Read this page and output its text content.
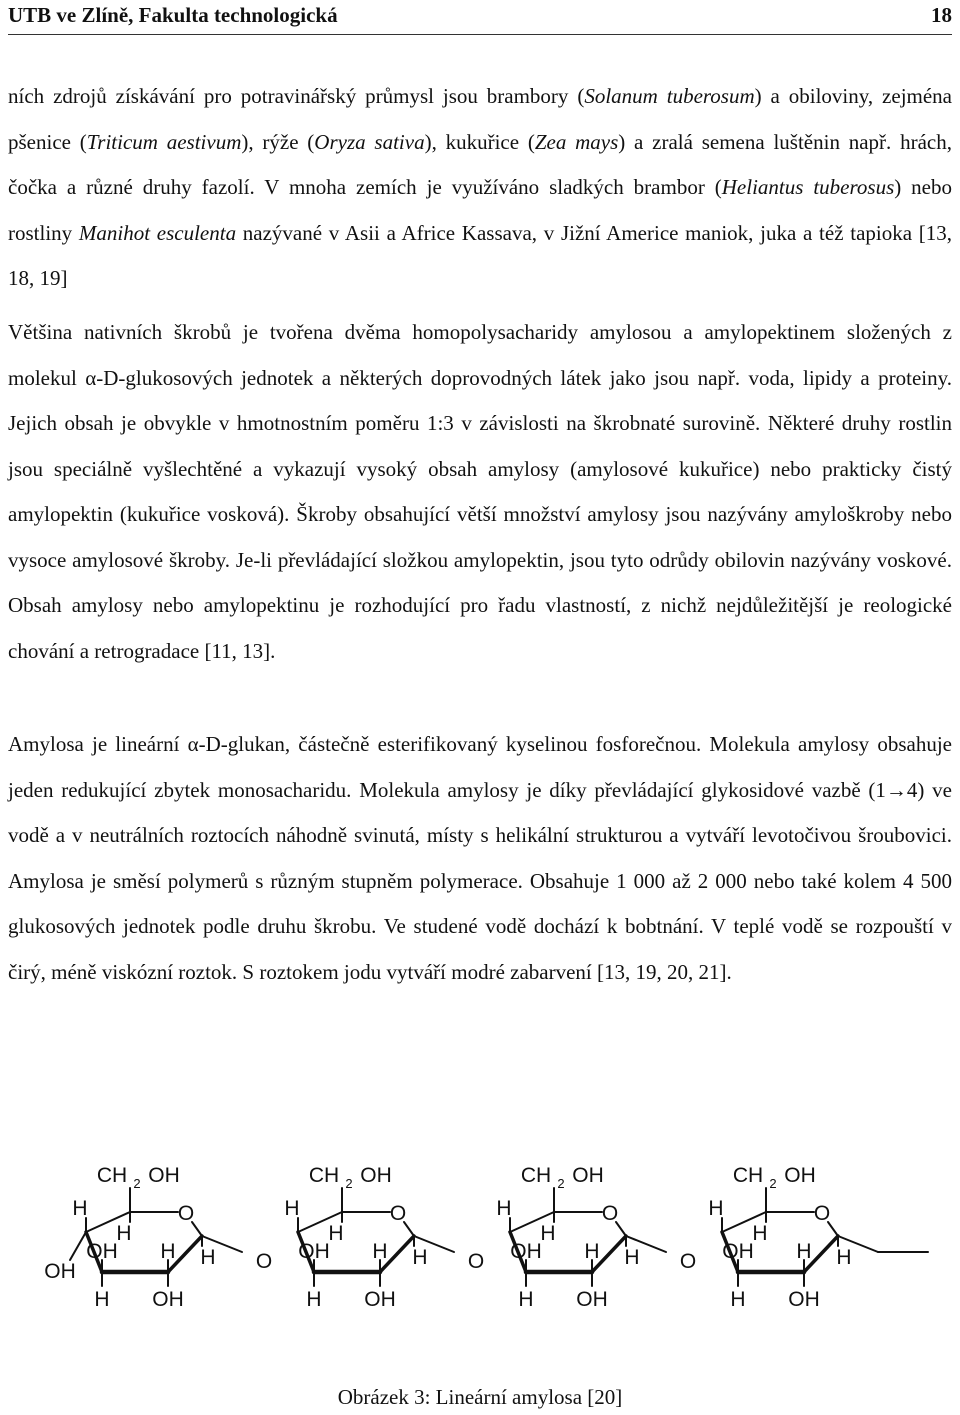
UTB ve Zlíně, Fakulta technologická	18

ních zdrojů získávání pro potravinářský průmysl jsou brambory (Solanum tuberosum) a obiloviny, zejména pšenice (Triticum aestivum), rýže (Oryza sativa), kukuřice (Zea mays) a zralá semena luštěnin např. hrách, čočka a různé druhy fazolí. V mnoha zemích je využíváno sladkých brambor (Heliantus tuberosus) nebo rostliny Manihot esculenta nazývané v Asii a Africe Kassava, v Jižní Americe maniok, juka a též tapioka [13, 18, 19]

Většina nativních škrobů je tvořena dvěma homopolysacharidy amylosou a amylopektinem složených z molekul α-D-glukosových jednotek a některých doprovodných látek jako jsou např. voda, lipidy a proteiny. Jejich obsah je obvykle v hmotnostním poměru 1:3 v závislosti na škrobnaté surovině. Některé druhy rostlin jsou speciálně vyšlechtěné a vykazují vysoký obsah amylosy (amylosové kukuřice) nebo prakticky čistý amylopektin (kukuřice vosková). Škroby obsahující větší množství amylosy jsou nazývány amyloškroby nebo vysoce amylosové škroby. Je-li převládající složkou amylopektin, jsou tyto odrůdy obilovin nazývány voskové. Obsah amylosy nebo amylopektinu je rozhodující pro řadu vlastností, z nichž nejdůležitější je reologické chování a retrogradace [11, 13].

Amylosa je lineární α-D-glukan, částečně esterifikovaný kyselinou fosforečnou. Molekula amylosy obsahuje jeden redukující zbytek monosacharidu. Molekula amylosy je díky převládající glykosidové vazbě (1→4) ve vodě a v neutrálních roztocích náhodně svinutá, místy s helikální strukturou a vytváří levotočivou šroubovici. Amylosa je směsí polymerů s různým stupněm polymerace. Obsahuje 1 000 až 2 000 nebo také kolem 4 500 glukosových jednotek podle druhu škrobu. Ve studené vodě dochází k bobtnání. V teplé vodě se rozpouští v čirý, méně viskózní roztok. S roztokem jodu vytváří modré zabarvení [13, 19, 20, 21].

CH 2 OH
O
H
H
OH H H
H OH
OH
CH 2 OH
O
H
H
OH H H
H OH
O
CH 2 OH
O
H
H
OH H H
H OH
O
CH 2 OH
O
H
H
OH H H
H OH
O
Obrázek 3: Lineární amylosa [20]
